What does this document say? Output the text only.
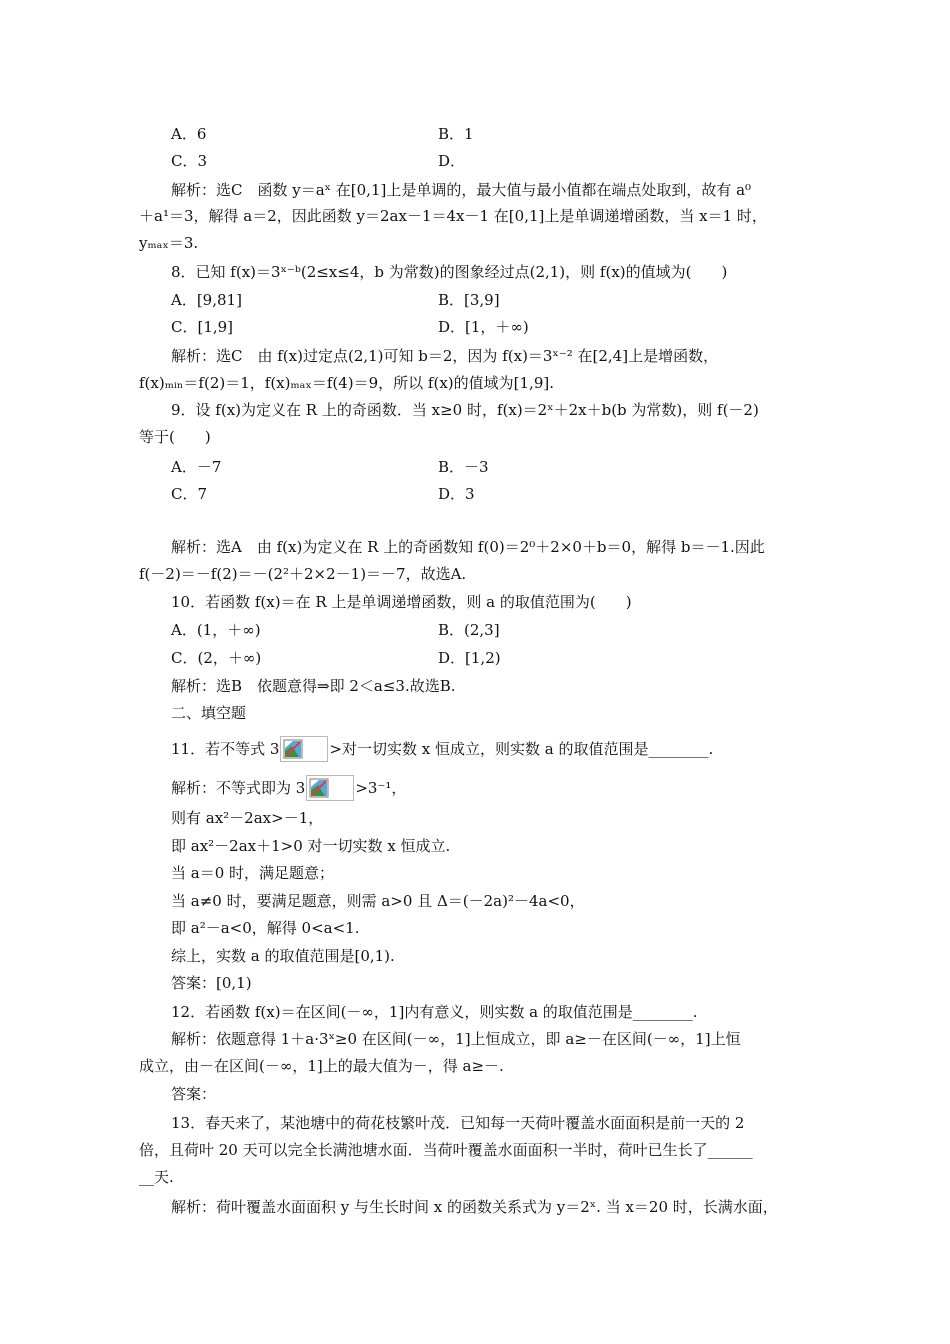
A．6	B．1
C．3	D．
解析：选C　函数 y＝aˣ 在[0,1]上是单调的，最大值与最小值都在端点处取到，故有 a⁰
＋a¹＝3，解得 a＝2，因此函数 y＝2ax－1＝4x－1 在[0,1]上是单调递增函数，当 x＝1 时，
yₘₐₓ＝3.
8．已知 f(x)＝3ˣ⁻ᵇ(2≤x≤4，b 为常数)的图象经过点(2,1)，则 f(x)的值域为(　　)
A．[9,81]	B．[3,9]
C．[1,9]	D．[1，＋∞)
解析：选C　由 f(x)过定点(2,1)可知 b＝2，因为 f(x)＝3ˣ⁻² 在[2,4]上是增函数，
f(x)ₘᵢₙ＝f(2)＝1，f(x)ₘₐₓ＝f(4)＝9，所以 f(x)的值域为[1,9].
9．设 f(x)为定义在 R 上的奇函数．当 x≥0 时，f(x)＝2ˣ＋2x＋b(b 为常数)，则 f(－2)
等于(　　)
A．－7	B．－3
C．7	D．3
解析：选A　由 f(x)为定义在 R 上的奇函数知 f(0)＝2⁰＋2×0＋b＝0，解得 b＝－1.因此
f(－2)＝－f(2)＝－(2²＋2×2－1)＝－7，故选A.
10．若函数 f(x)＝在 R 上是单调递增函数，则 a 的取值范围为(　　)
A．(1，＋∞)	B．(2,3]
C．(2，＋∞)	D．[1,2)
解析：选B　依题意得⇒即 2＜a≤3.故选B.
二、填空题
11．若不等式 3	>对一切实数 x 恒成立，则实数 a 的取值范围是________.
解析：不等式即为 3	>3⁻¹，
则有 ax²－2ax>－1，
即 ax²－2ax＋1>0 对一切实数 x 恒成立.
当 a＝0 时，满足题意；
当 a≠0 时，要满足题意，则需 a>0 且 Δ＝(－2a)²－4a<0，
即 a²－a<0，解得 0<a<1.
综上，实数 a 的取值范围是[0,1).
答案：[0,1)
12．若函数 f(x)＝在区间(－∞，1]内有意义，则实数 a 的取值范围是________.
解析：依题意得 1＋a·3ˣ≥0 在区间(－∞，1]上恒成立，即 a≥－在区间(－∞，1]上恒
成立，由－在区间(－∞，1]上的最大值为－，得 a≥－.
答案：
13．春天来了，某池塘中的荷花枝繁叶茂．已知每一天荷叶覆盖水面面积是前一天的 2
倍，且荷叶 20 天可以完全长满池塘水面．当荷叶覆盖水面面积一半时，荷叶已生长了______
__天.
解析：荷叶覆盖水面面积 y 与生长时间 x 的函数关系式为 y＝2ˣ. 当 x＝20 时，长满水面，
